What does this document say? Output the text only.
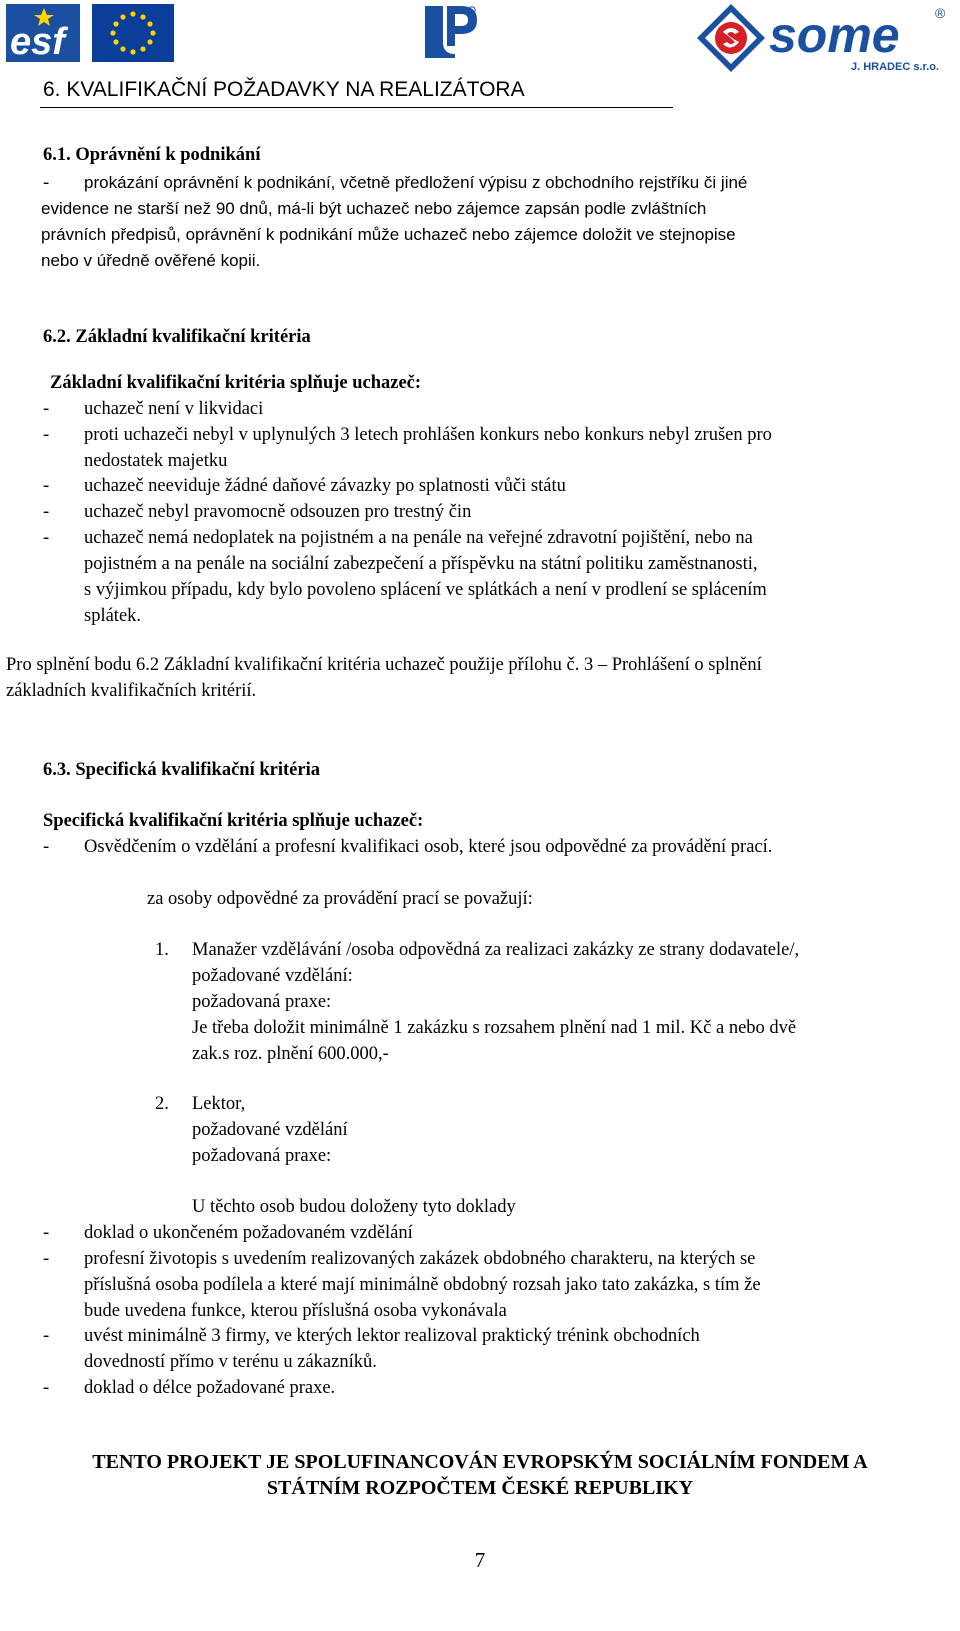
esf	some
J. HRADEC s.r.o.
®
6. KVALIFIKAČNÍ POŽADAVKY NA REALIZÁTORA
6.1. Oprávnění k podnikání
- prokázání oprávnění k podnikání, včetně předložení výpisu z obchodního rejstříku či jiné
evidence ne starší než 90 dnů, má-li být uchazeč nebo zájemce zapsán podle zvláštních
právních předpisů, oprávnění k podnikání může uchazeč nebo zájemce doložit ve stejnopise
nebo v úředně ověřené kopii.
6.2. Základní kvalifikační kritéria
Základní kvalifikační kritéria splňuje uchazeč:
- uchazeč není v likvidaci
- proti uchazeči nebyl v uplynulých 3 letech prohlášen konkurs nebo konkurs nebyl zrušen pro
nedostatek majetku
- uchazeč neeviduje žádné daňové závazky po splatnosti vůči státu
- uchazeč nebyl pravomocně odsouzen pro trestný čin
- uchazeč nemá nedoplatek na pojistném a na penále na veřejné zdravotní pojištění, nebo na
pojistném a na penále na sociální zabezpečení a příspěvku na státní politiku zaměstnanosti,
s výjimkou případu, kdy bylo povoleno splácení ve splátkách a není v prodlení se splácením
splátek.
Pro splnění bodu 6.2 Základní kvalifikační kritéria uchazeč použije přílohu č. 3 – Prohlášení o splnění
základních kvalifikačních kritérií.
6.3. Specifická kvalifikační kritéria
Specifická kvalifikační kritéria splňuje uchazeč:
- Osvědčením o vzdělání a profesní kvalifikaci osob, které jsou odpovědné za provádění prací.
za osoby odpovědné za provádění prací se považují:
1. Manažer vzdělávání /osoba odpovědná za realizaci zakázky ze strany dodavatele/,
požadované vzdělání:
požadovaná praxe:
Je třeba doložit minimálně 1 zakázku s rozsahem plnění nad 1 mil. Kč a nebo dvě
zak.s roz. plnění 600.000,-
2. Lektor,
požadované vzdělání
požadovaná praxe:
U těchto osob budou doloženy tyto doklady
- doklad o ukončeném požadovaném vzdělání
- profesní životopis s uvedením realizovaných zakázek obdobného charakteru, na kterých se
příslušná osoba podílela a které mají minimálně obdobný rozsah jako tato zakázka, s tím že
bude uvedena funkce, kterou příslušná osoba vykonávala
- uvést minimálně 3 firmy, ve kterých lektor realizoval praktický trénink obchodních
dovedností přímo v terénu u zákazníků.
- doklad o délce požadované praxe.
TENTO PROJEKT JE SPOLUFINANCOVÁN EVROPSKÝM SOCIÁLNÍM FONDEM A
STÁTNÍM ROZPOČTEM ČESKÉ REPUBLIKY
7
